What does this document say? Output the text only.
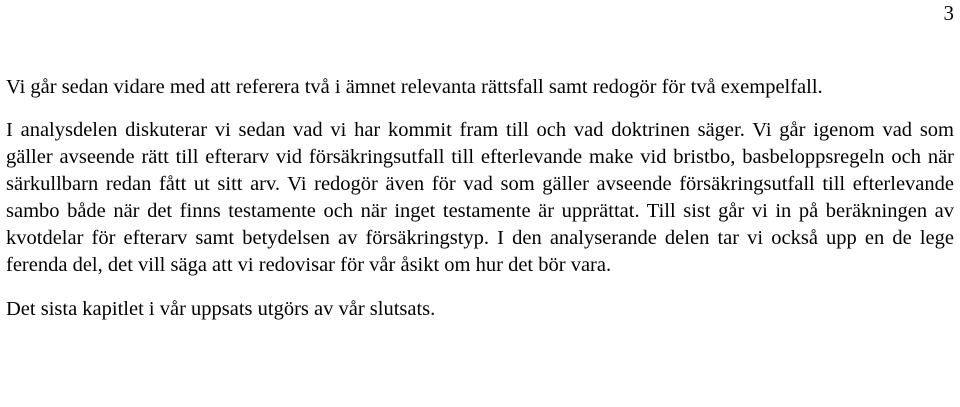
3

Vi går sedan vidare med att referera två i ämnet relevanta rättsfall samt redogör för två exempelfall.

I analysdelen diskuterar vi sedan vad vi har kommit fram till och vad doktrinen säger. Vi går igenom vad som gäller avseende rätt till efterarv vid försäkringsutfall till efterlevande make vid bristbo, basbeloppsregeln och när särkullbarn redan fått ut sitt arv. Vi redogör även för vad som gäller avseende försäkringsutfall till efterlevande sambo både när det finns testamente och när inget testamente är upprättat. Till sist går vi in på beräkningen av kvotdelar för efterarv samt betydelsen av försäkringstyp. I den analyserande delen tar vi också upp en de lege ferenda del, det vill säga att vi redovisar för vår åsikt om hur det bör vara.

Det sista kapitlet i vår uppsats utgörs av vår slutsats.
